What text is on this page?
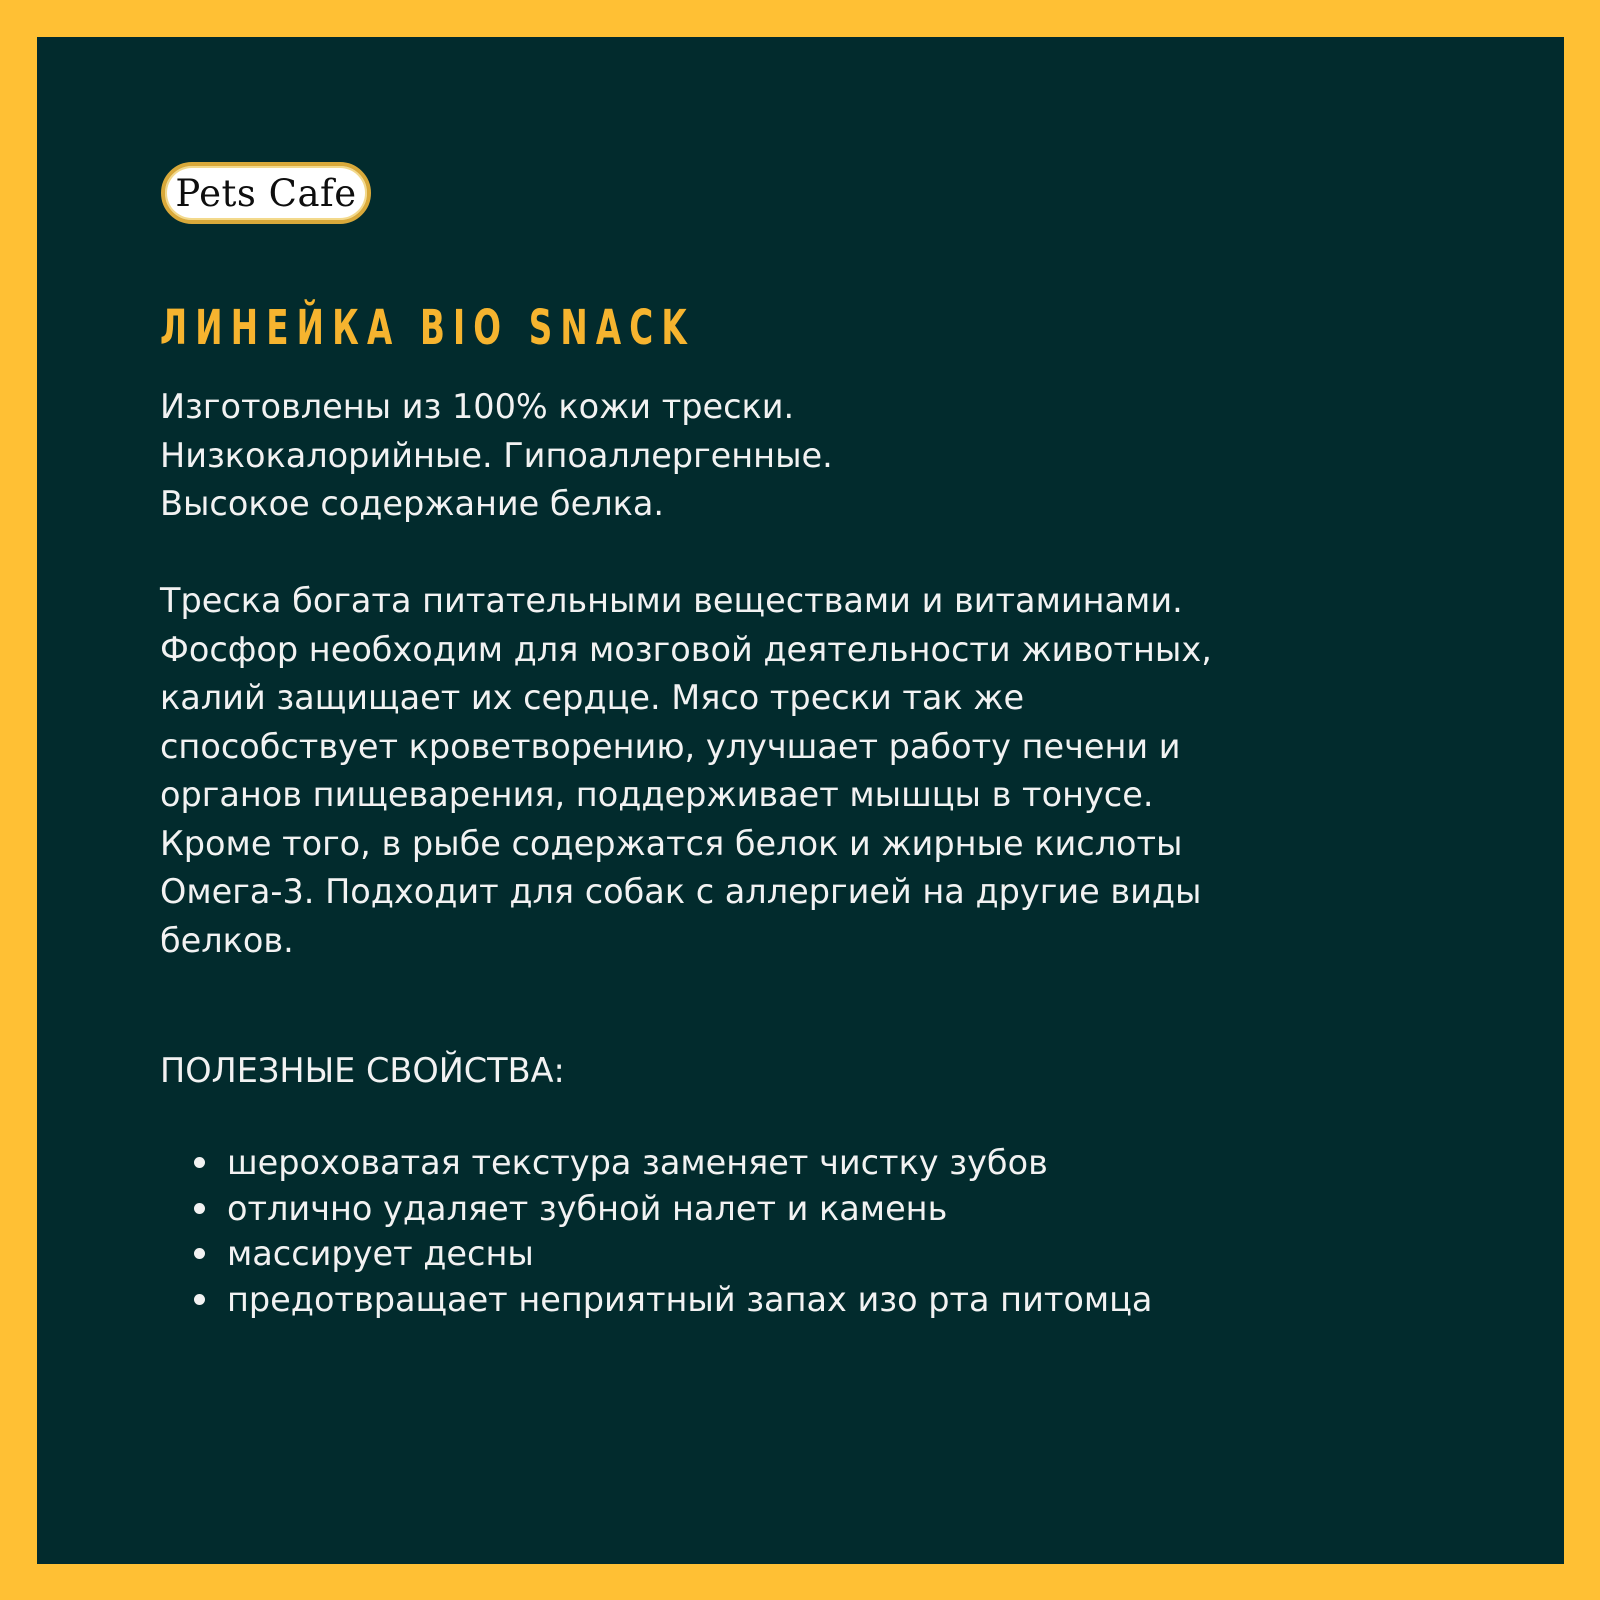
Pets Cafe
ЛИНЕЙКА BIO SNACK

Изготовлены из 100% кожи трески.
Низкокалорийные. Гипоаллергенные.
Высокое содержание белка.

Треска богата питательными веществами и витаминами.
Фосфор необходим для мозговой деятельности животных,
калий защищает их сердце. Мясо трески так же
способствует кроветворению, улучшает работу печени и
органов пищеварения, поддерживает мышцы в тонусе.
Кроме того, в рыбе содержатся белок и жирные кислоты
Омега-3. Подходит для собак с аллергией на другие виды
белков.

ПОЛЕЗНЫЕ СВОЙСТВА:

шероховатая текстура заменяет чистку зубов
отлично удаляет зубной налет и камень
массирует десны
предотвращает неприятный запах изо рта питомца
